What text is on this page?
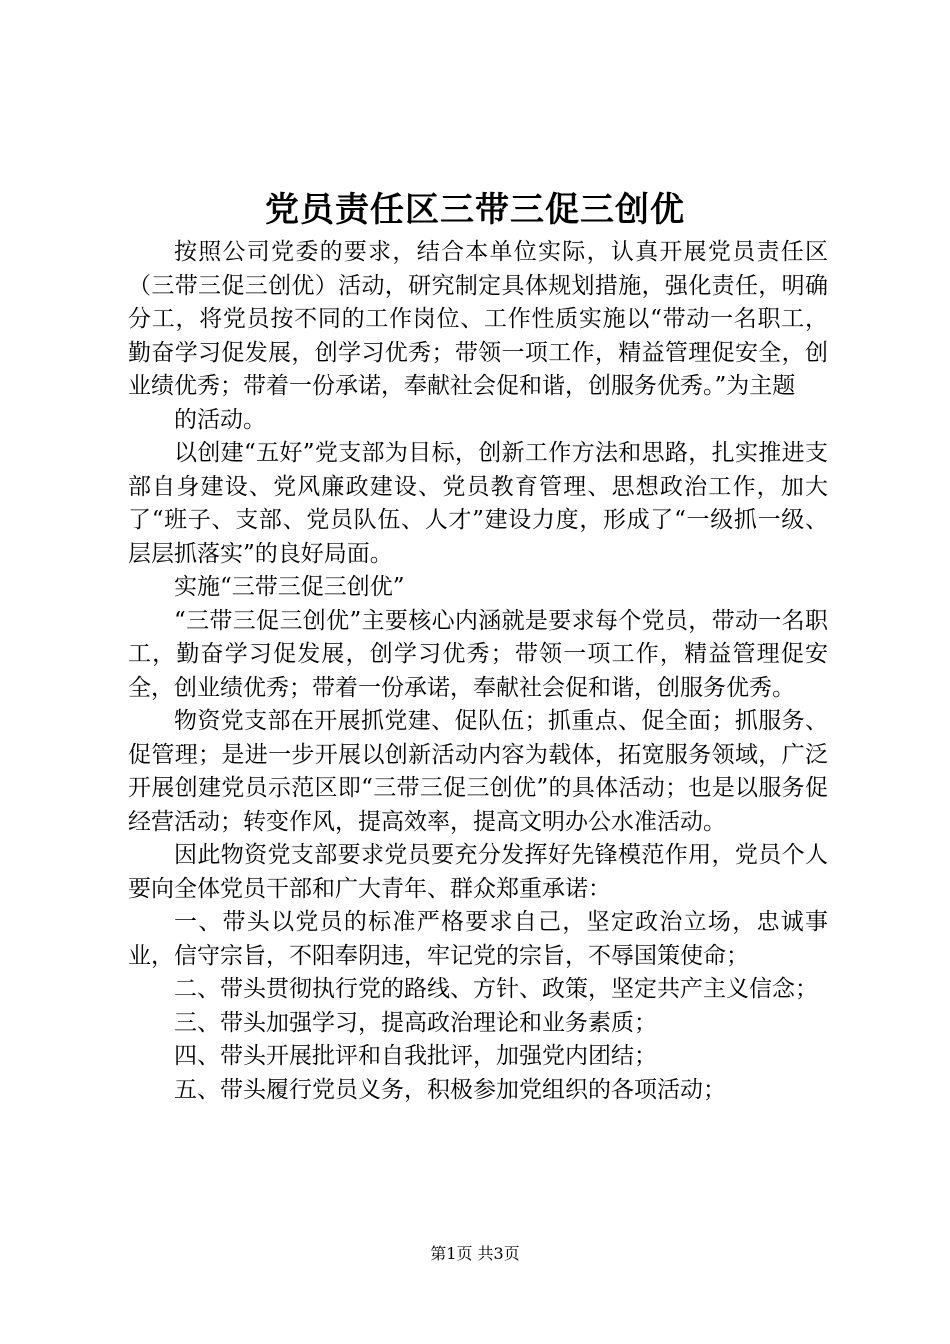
党员责任区三带三促三创优

按照公司党委的要求，结合本单位实际，认真开展党员责任区（三带三促三创优）活动，研究制定具体规划措施，强化责任，明确分工，将党员按不同的工作岗位、工作性质实施以“带动一名职工，勤奋学习促发展，创学习优秀；带领一项工作，精益管理促安全，创业绩优秀；带着一份承诺，奉献社会促和谐，创服务优秀。”为主题

的活动。

以创建“五好”党支部为目标，创新工作方法和思路，扎实推进支部自身建设、党风廉政建设、党员教育管理、思想政治工作，加大了“班子、支部、党员队伍、人才”建设力度，形成了“一级抓一级、层层抓落实”的良好局面。

实施“三带三促三创优”

“三带三促三创优”主要核心内涵就是要求每个党员，带动一名职工，勤奋学习促发展，创学习优秀；带领一项工作，精益管理促安全，创业绩优秀；带着一份承诺，奉献社会促和谐，创服务优秀。

物资党支部在开展抓党建、促队伍；抓重点、促全面；抓服务、促管理；是进一步开展以创新活动内容为载体，拓宽服务领域，广泛开展创建党员示范区即“三带三促三创优”的具体活动；也是以服务促经营活动；转变作风，提高效率，提高文明办公水准活动。

因此物资党支部要求党员要充分发挥好先锋模范作用，党员个人要向全体党员干部和广大青年、群众郑重承诺：

一、带头以党员的标准严格要求自己，坚定政治立场，忠诚事业，信守宗旨，不阳奉阴违，牢记党的宗旨，不辱国策使命；

二、带头贯彻执行党的路线、方针、政策，坚定共产主义信念；

三、带头加强学习，提高政治理论和业务素质；

四、带头开展批评和自我批评，加强党内团结；

五、带头履行党员义务，积极参加党组织的各项活动；

第1页 共3页
